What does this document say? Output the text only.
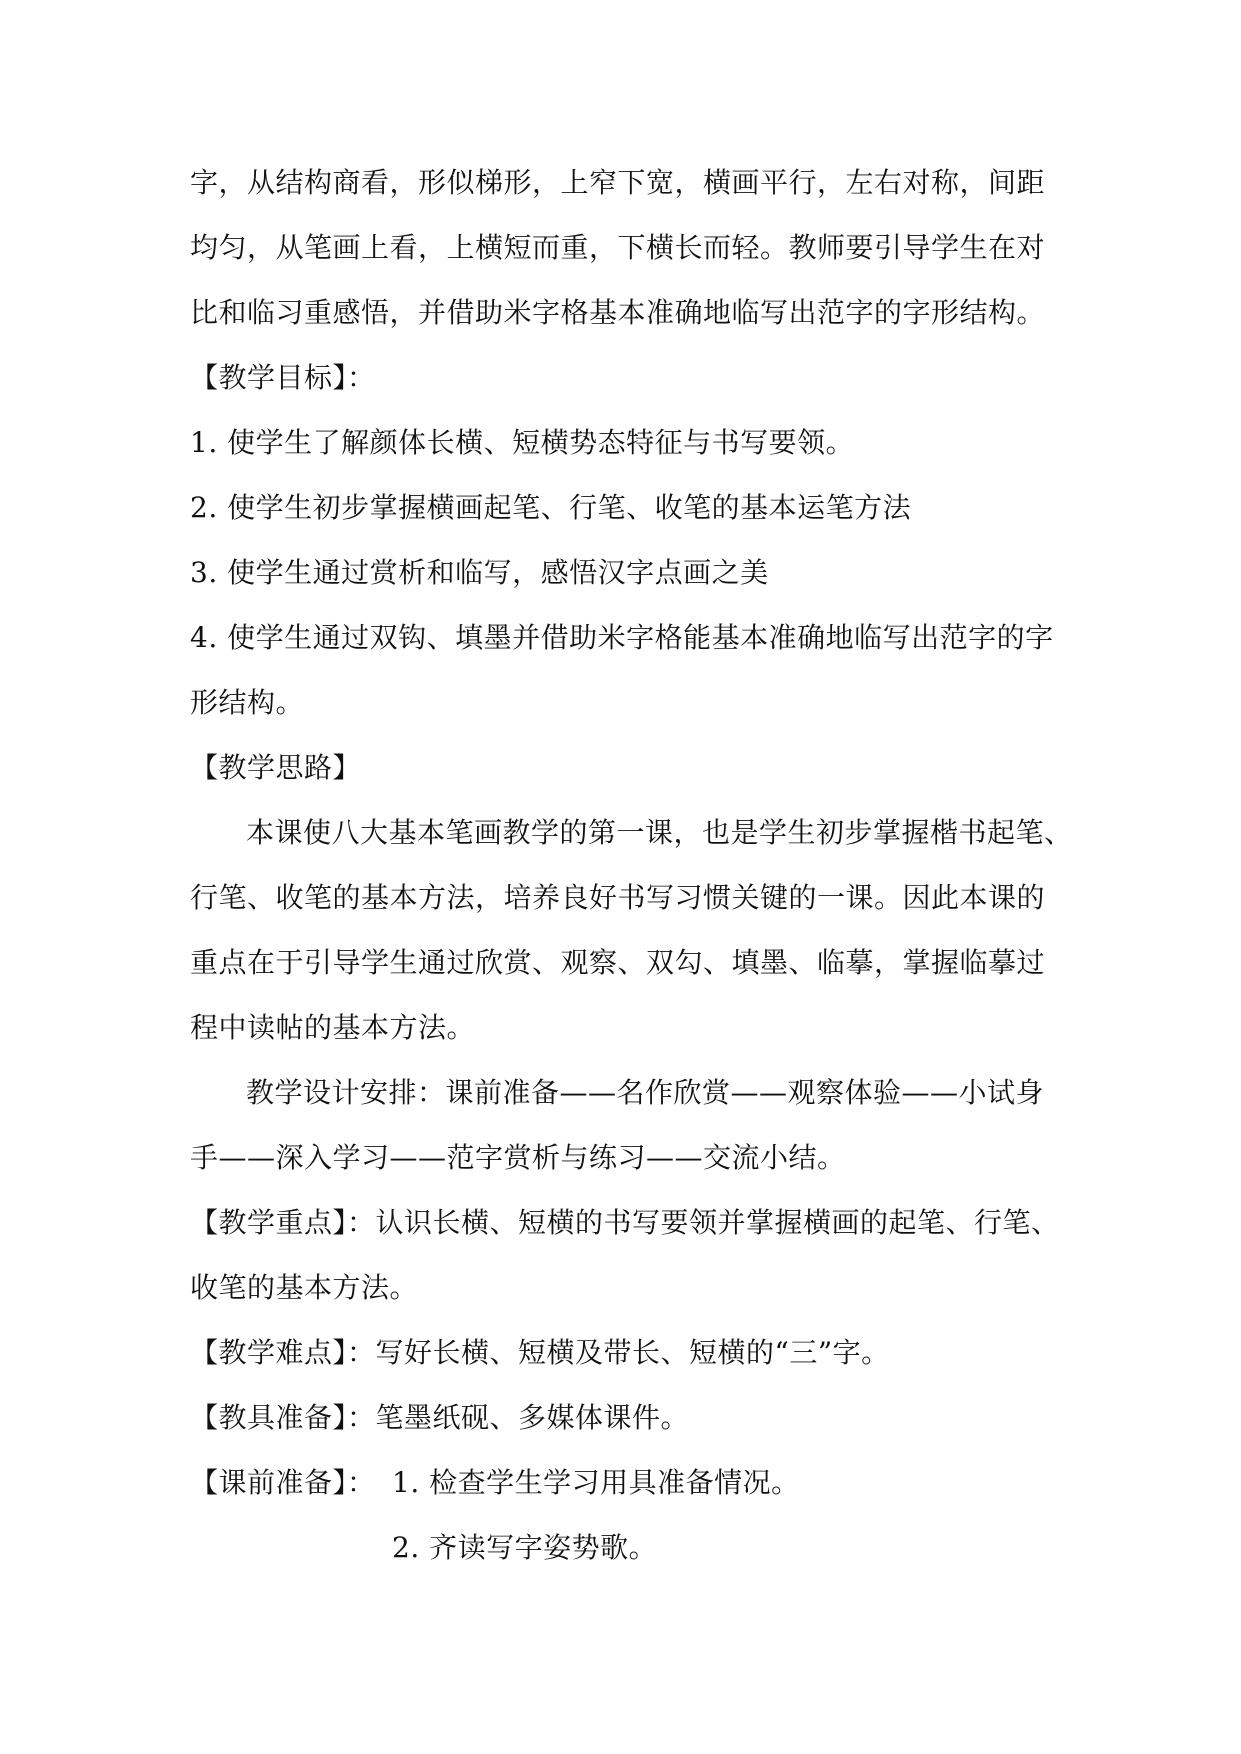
字，从结构商看，形似梯形，上窄下宽，横画平行，左右对称，间距
均匀，从笔画上看，上横短而重，下横长而轻。教师要引导学生在对
比和临习重感悟，并借助米字格基本准确地临写出范字的字形结构。
【教学目标】：
1. 使学生了解颜体长横、短横势态特征与书写要领。
2. 使学生初步掌握横画起笔、行笔、收笔的基本运笔方法
3. 使学生通过赏析和临写，感悟汉字点画之美
4. 使学生通过双钩、填墨并借助米字格能基本准确地临写出范字的字
形结构。
【教学思路】
本课使八大基本笔画教学的第一课，也是学生初步掌握楷书起笔、
行笔、收笔的基本方法，培养良好书写习惯关键的一课。因此本课的
重点在于引导学生通过欣赏、观察、双勾、填墨、临摹，掌握临摹过
程中读帖的基本方法。
教学设计安排：课前准备——名作欣赏——观察体验——小试身
手——深入学习——范字赏析与练习——交流小结。
【教学重点】：认识长横、短横的书写要领并掌握横画的起笔、行笔、
收笔的基本方法。
【教学难点】：写好长横、短横及带长、短横的“三”字。
【教具准备】：笔墨纸砚、多媒体课件。
【课前准备】： 1. 检查学生学习用具准备情况。
2. 齐读写字姿势歌。
